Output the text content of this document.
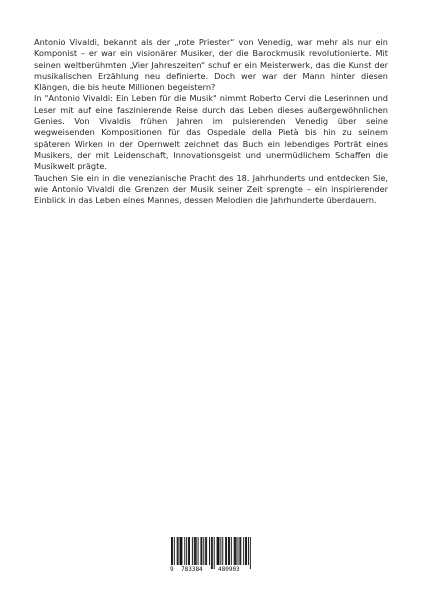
Antonio Vivaldi, bekannt als der „rote Priester“ von Venedig, war mehr als nur ein Komponist – er war ein visionärer Musiker, der die Barockmusik revolutionierte. Mit seinen weltberühmten „Vier Jahreszeiten“ schuf er ein Meisterwerk, das die Kunst der musikalischen Erzählung neu definierte. Doch wer war der Mann hinter diesen Klängen, die bis heute Millionen begeistern?

In "Antonio Vivaldi: Ein Leben für die Musik" nimmt Roberto Cervi die Leserinnen und Leser mit auf eine faszinierende Reise durch das Leben dieses außergewöhnlichen Genies. Von Vivaldis frühen Jahren im pulsierenden Venedig über seine wegweisenden Kompositionen für das Ospedale della Pietà bis hin zu seinem späteren Wirken in der Opernwelt zeichnet das Buch ein lebendiges Porträt eines Musikers, der mit Leidenschaft, Innovationsgeist und unermüdlichem Schaffen die Musikwelt prägte.

Tauchen Sie ein in die venezianische Pracht des 18. Jahrhunderts und entdecken Sie, wie Antonio Vivaldi die Grenzen der Musik seiner Zeit sprengte – ein inspirierender Einblick in das Leben eines Mannes, dessen Melodien die Jahrhunderte überdauern.

9 783384	480903
